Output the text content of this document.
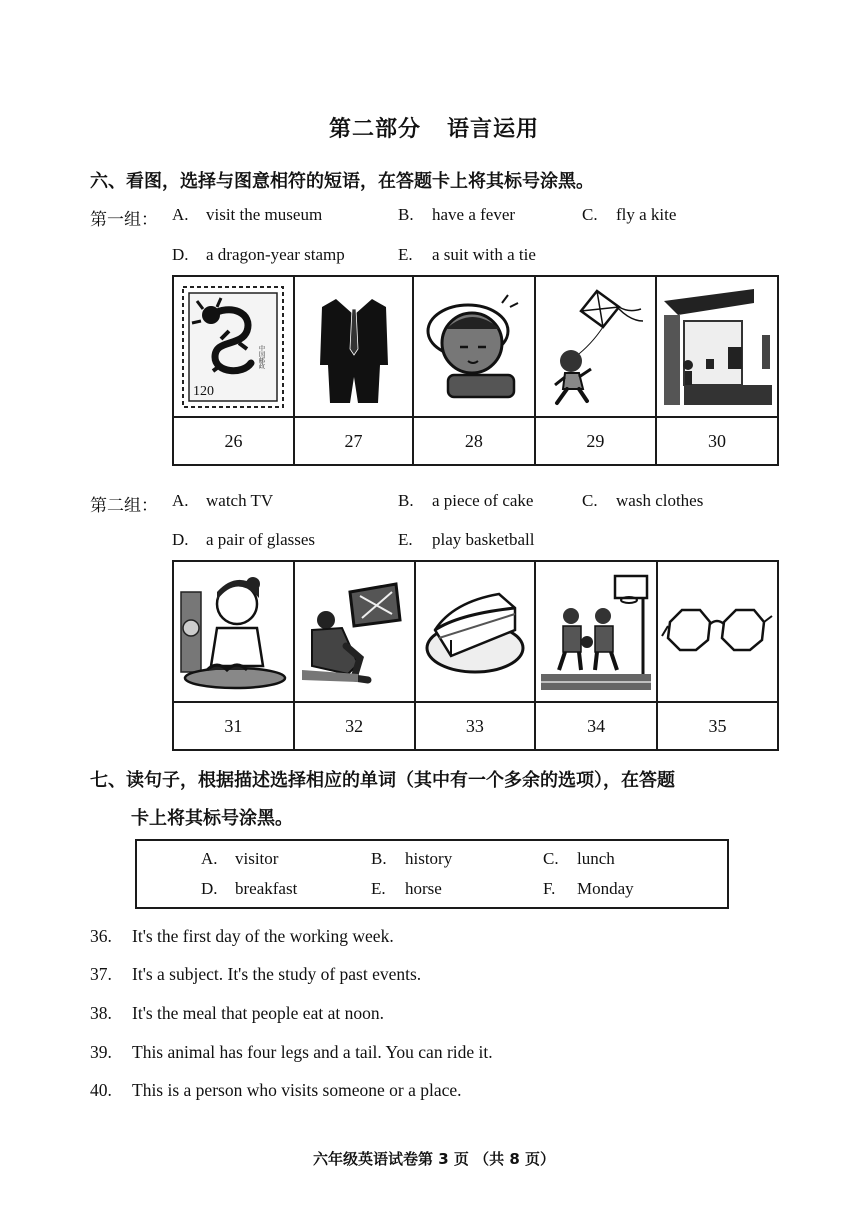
第二部分 语言运用
六、看图，选择与图意相符的短语，在答题卡上将其标号涂黑。
第一组： A. visit the museum	B. have a fever	C. fly a kite
D. a dragon-year stamp	E. a suit with a tie
120
中国邮政

26	27	28	29	30
第二组： A. watch TV	B. a piece of cake	C. wash clothes
D. a pair of glasses	E. play basketball

31	32	33	34	35
七、读句子，根据描述选择相应的单词（其中有一个多余的选项），在答题
卡上将其标号涂黑。
A. visitor	B. history	C. lunch
D. breakfast	E. horse	F. Monday
36. It's the first day of the working week.
37. It's a subject. It's the study of past events.
38. It's the meal that people eat at noon.
39. This animal has four legs and a tail. You can ride it.
40. This is a person who visits someone or a place.
六年级英语试卷第 3 页 （共 8 页）
